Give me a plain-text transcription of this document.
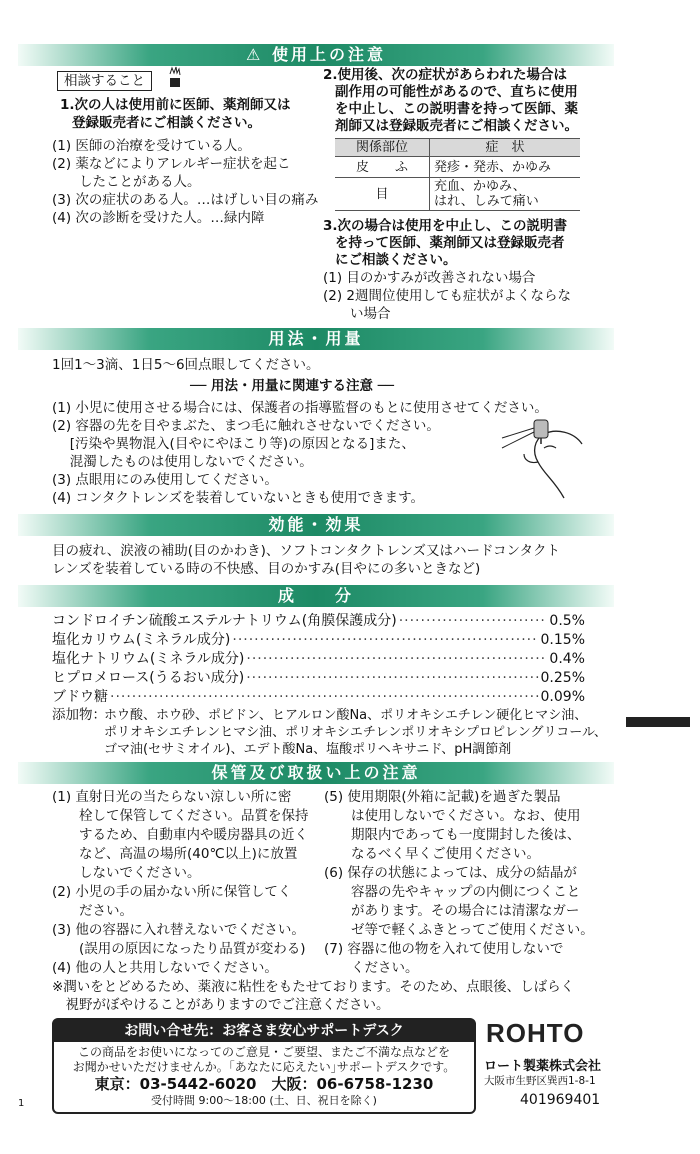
⚠ 使用上の注意
相談すること
1.次の人は使用前に医師、薬剤師又は
登録販売者にご相談ください。
(1) 医師の治療を受けている人。
(2) 薬などによりアレルギー症状を起こ
　　したことがある人。
(3) 次の症状のある人。…はげしい目の痛み
(4) 次の診断を受けた人。…緑内障
2.使用後、次の症状があらわれた場合は
副作用の可能性があるので、直ちに使用
を中止し、この説明書を持って医師、薬
剤師又は登録販売者にご相談ください。
関係部位	症　状
皮　　ふ	発疹・発赤、かゆみ
目	充血、かゆみ、
はれ、しみて痛い
3.次の場合は使用を中止し、この説明書
を持って医師、薬剤師又は登録販売者
にご相談ください。
(1) 目のかすみが改善されない場合
(2) 2週間位使用しても症状がよくならな
　　い場合
用法・用量
1回1～3滴、1日5～6回点眼してください。
── 用法・用量に関連する注意 ──
(1) 小児に使用させる場合には、保護者の指導監督のもとに使用させてください。
(2) 容器の先を目やまぶた、まつ毛に触れさせないでください。
　 [汚染や異物混入(目やにやほこり等)の原因となる]また、
　 混濁したものは使用しないでください。
(3) 点眼用にのみ使用してください。
(4) コンタクトレンズを装着していないときも使用できます。
効能・効果
目の疲れ、涙液の補助(目のかわき)、ソフトコンタクトレンズ又はハードコンタクト
レンズを装着している時の不快感、目のかすみ(目やにの多いときなど)
成　　分
コンドロイチン硫酸エステルナトリウム(角膜保護成分) ·····	0.5%
塩化カリウム(ミネラル成分) ·····	0.15%
塩化ナトリウム(ミネラル成分) ·····	0.4%
ヒプロメロース(うるおい成分) ·····	0.25%
ブドウ糖 ·····	0.09%
添加物：
ホウ酸、ホウ砂、ポビドン、ヒアルロン酸Na、ポリオキシエチレン硬化ヒマシ油、
ポリオキシエチレンヒマシ油、ポリオキシエチレンポリオキシプロピレングリコール、
ゴマ油(セサミオイル)、エデト酸Na、塩酸ポリヘキサニド、pH調節剤
保管及び取扱い上の注意
(1) 直射日光の当たらない涼しい所に密
　　栓して保管してください。品質を保持
　　するため、自動車内や暖房器具の近く
　　など、高温の場所(40℃以上)に放置
　　しないでください。
(2) 小児の手の届かない所に保管してく
　　ださい。
(3) 他の容器に入れ替えないでください。
　　(誤用の原因になったり品質が変わる)
(4) 他の人と共用しないでください。
(5) 使用期限(外箱に記載)を過ぎた製品
　　は使用しないでください。なお、使用
　　期限内であっても一度開封した後は、
　　なるべく早くご使用ください。
(6) 保存の状態によっては、成分の結晶が
　　容器の先やキャップの内側につくこと
　　があります。その場合には清潔なガー
　　ゼ等で軽くふきとってご使用ください。
(7) 容器に他の物を入れて使用しないで
　　ください。
※潤いをとどめるため、薬液に粘性をもたせております。そのため、点眼後、しばらく
　視野がぼやけることがありますのでご注意ください。
お問い合せ先：お客さま安心サポートデスク
この商品をお使いになってのご意見・ご要望、またご不満な点などを
お聞かせいただけませんか。｢あなたに応えたい｣サポートデスクです。
東京：03-5442-6020　大阪：06-6758-1230
受付時間 9:00～18:00 (土、日、祝日を除く)
ROHTO
ロート製薬株式会社
大阪市生野区巽西1-8-1
401969401
1
